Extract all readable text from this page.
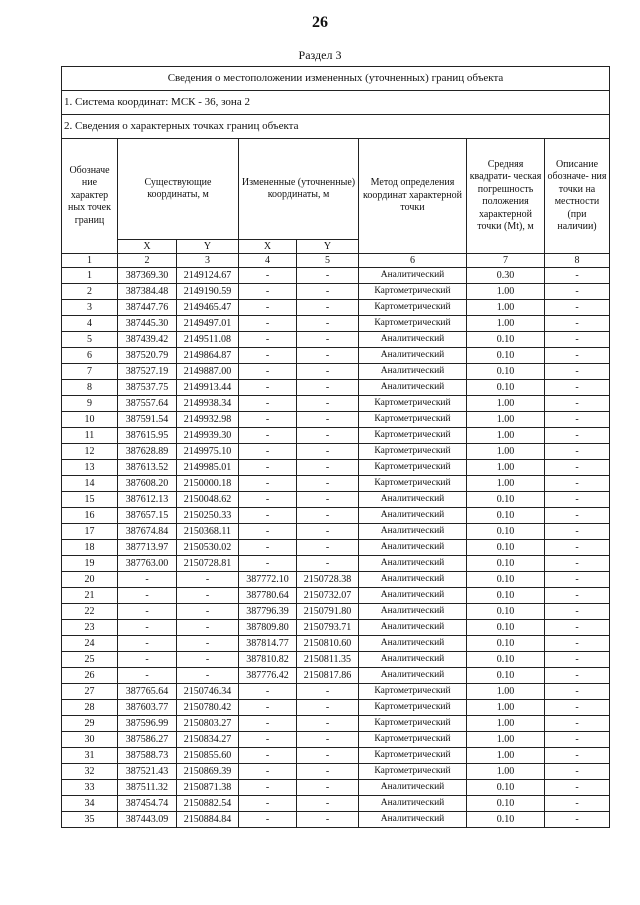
26
Раздел 3
Сведения о местоположении измененных (уточненных) границ объекта							
1. Система координат: МСК - 36, зона 2							
2. Сведения о характерных точках границ объекта							
Обозначе ние характер ных точек границ	Существующие координаты, м		Измененные (уточненные) координаты, м		Метод определения координат характерной точки	Средняя квадрати- ческая погрешность положения характерной точки (Mt), м	Описание обозначе- ния точки на местности (при наличии)
	X	Y	X	Y			
1	2	3	4	5	6	7	8
1	387369.30	2149124.67	-	-	Аналитический	0.30	-
2	387384.48	2149190.59	-	-	Картометрический	1.00	-
3	387447.76	2149465.47	-	-	Картометрический	1.00	-
4	387445.30	2149497.01	-	-	Картометрический	1.00	-
5	387439.42	2149511.08	-	-	Аналитический	0.10	-
6	387520.79	2149864.87	-	-	Аналитический	0.10	-
7	387527.19	2149887.00	-	-	Аналитический	0.10	-
8	387537.75	2149913.44	-	-	Аналитический	0.10	-
9	387557.64	2149938.34	-	-	Картометрический	1.00	-
10	387591.54	2149932.98	-	-	Картометрический	1.00	-
11	387615.95	2149939.30	-	-	Картометрический	1.00	-
12	387628.89	2149975.10	-	-	Картометрический	1.00	-
13	387613.52	2149985.01	-	-	Картометрический	1.00	-
14	387608.20	2150000.18	-	-	Картометрический	1.00	-
15	387612.13	2150048.62	-	-	Аналитический	0.10	-
16	387657.15	2150250.33	-	-	Аналитический	0.10	-
17	387674.84	2150368.11	-	-	Аналитический	0.10	-
18	387713.97	2150530.02	-	-	Аналитический	0.10	-
19	387763.00	2150728.81	-	-	Аналитический	0.10	-
20	-	-	387772.10	2150728.38	Аналитический	0.10	-
21	-	-	387780.64	2150732.07	Аналитический	0.10	-
22	-	-	387796.39	2150791.80	Аналитический	0.10	-
23	-	-	387809.80	2150793.71	Аналитический	0.10	-
24	-	-	387814.77	2150810.60	Аналитический	0.10	-
25	-	-	387810.82	2150811.35	Аналитический	0.10	-
26	-	-	387776.42	2150817.86	Аналитический	0.10	-
27	387765.64	2150746.34	-	-	Картометрический	1.00	-
28	387603.77	2150780.42	-	-	Картометрический	1.00	-
29	387596.99	2150803.27	-	-	Картометрический	1.00	-
30	387586.27	2150834.27	-	-	Картометрический	1.00	-
31	387588.73	2150855.60	-	-	Картометрический	1.00	-
32	387521.43	2150869.39	-	-	Картометрический	1.00	-
33	387511.32	2150871.38	-	-	Аналитический	0.10	-
34	387454.74	2150882.54	-	-	Аналитический	0.10	-
35	387443.09	2150884.84	-	-	Аналитический	0.10	-
